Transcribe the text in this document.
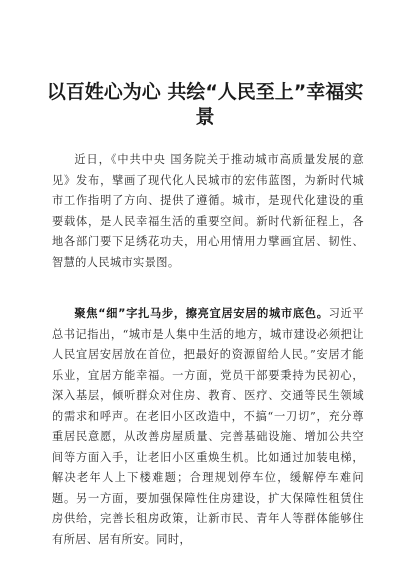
以百姓心为心 共绘“人民至上”幸福实
景

近日，《中共中央 国务院关于推动城市高质量发展的意见》发布，擘画了现代化人民城市的宏伟蓝图，为新时代城市工作指明了方向、提供了遵循。城市，是现代化建设的重要载体，是人民幸福生活的重要空间。新时代新征程上，各地各部门要下足绣花功夫，用心用情用力擘画宜居、韧性、智慧的人民城市实景图。

聚焦“细”字扎马步，擦亮宜居安居的城市底色。习近平总书记指出，“城市是人集中生活的地方，城市建设必须把让人民宜居安居放在首位，把最好的资源留给人民。”安居才能乐业，宜居方能幸福。一方面，党员干部要秉持为民初心，深入基层，倾听群众对住房、教育、医疗、交通等民生领域的需求和呼声。在老旧小区改造中，不搞“一刀切”，充分尊重居民意愿，从改善房屋质量、完善基础设施、增加公共空间等方面入手，让老旧小区重焕生机。比如通过加装电梯，解决老年人上下楼难题；合理规划停车位，缓解停车难问题。另一方面，要加强保障性住房建设，扩大保障性租赁住房供给，完善长租房政策，让新市民、青年人等群体能够住有所居、居有所安。同时，
